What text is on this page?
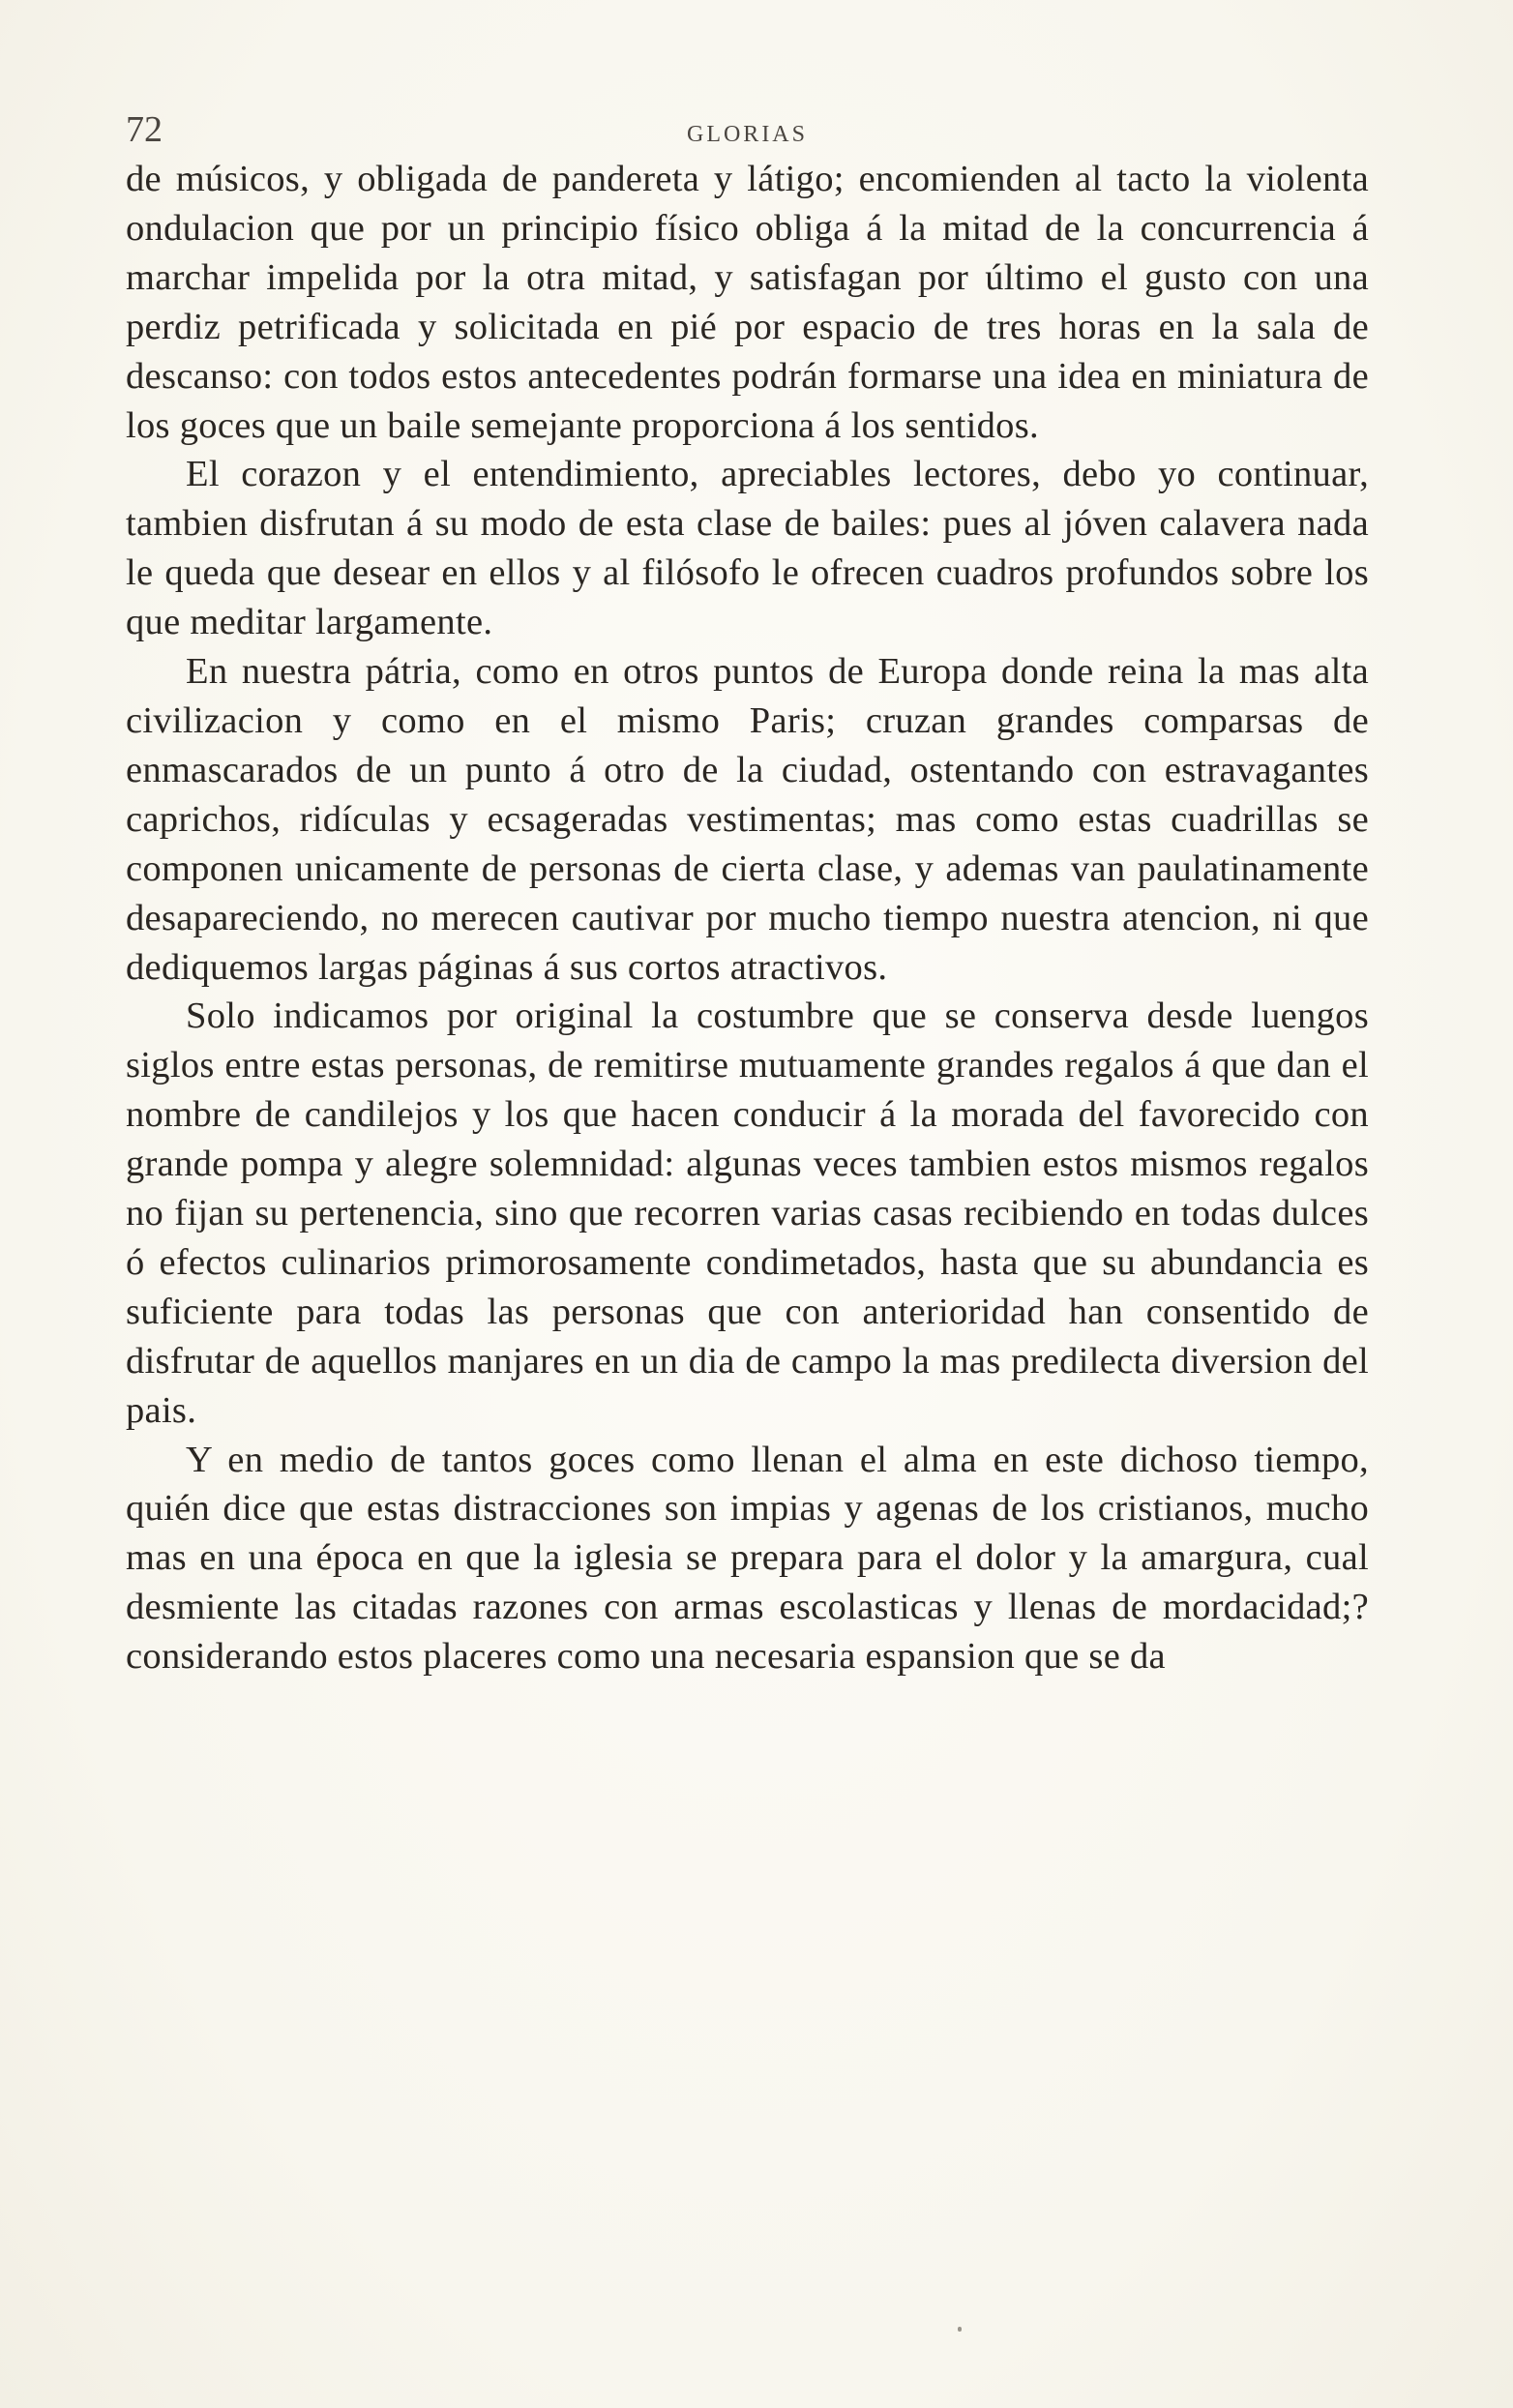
72	GLORIAS

de músicos, y obligada de pandereta y látigo; encomienden al tacto la violenta ondulacion que por un principio físico obliga á la mitad de la concurrencia á marchar impelida por la otra mitad, y satisfagan por último el gusto con una perdiz petrificada y solicitada en pié por espacio de tres horas en la sala de descanso: con todos estos antecedentes podrán formarse una idea en miniatura de los goces que un baile semejante proporciona á los sentidos.

El corazon y el entendimiento, apreciables lectores, debo yo continuar, tambien disfrutan á su modo de esta clase de bailes: pues al jóven calavera nada le queda que desear en ellos y al filósofo le ofrecen cuadros profundos sobre los que meditar largamente.

En nuestra pátria, como en otros puntos de Europa donde reina la mas alta civilizacion y como en el mismo Paris; cruzan grandes comparsas de enmascarados de un punto á otro de la ciudad, ostentando con estravagantes caprichos, ridículas y ecsageradas vestimentas; mas como estas cuadrillas se componen unicamente de personas de cierta clase, y ademas van paulatinamente desapareciendo, no merecen cautivar por mucho tiempo nuestra atencion, ni que dediquemos largas páginas á sus cortos atractivos.

Solo indicamos por original la costumbre que se conserva desde luengos siglos entre estas personas, de remitirse mutuamente grandes regalos á que dan el nombre de candilejos y los que hacen conducir á la morada del favorecido con grande pompa y alegre solemnidad: algunas veces tambien estos mismos regalos no fijan su pertenencia, sino que recorren varias casas recibiendo en todas dulces ó efectos culinarios primorosamente condimetados, hasta que su abundancia es suficiente para todas las personas que con anterioridad han consentido de disfrutar de aquellos manjares en un dia de campo la mas predilecta diversion del pais.

Y en medio de tantos goces como llenan el alma en este dichoso tiempo, quién dice que estas distracciones son impias y agenas de los cristianos, mucho mas en una época en que la iglesia se prepara para el dolor y la amargura, cual desmiente las citadas razones con armas escolasticas y llenas de mordacidad;? considerando estos placeres como una necesaria espansion que se da
